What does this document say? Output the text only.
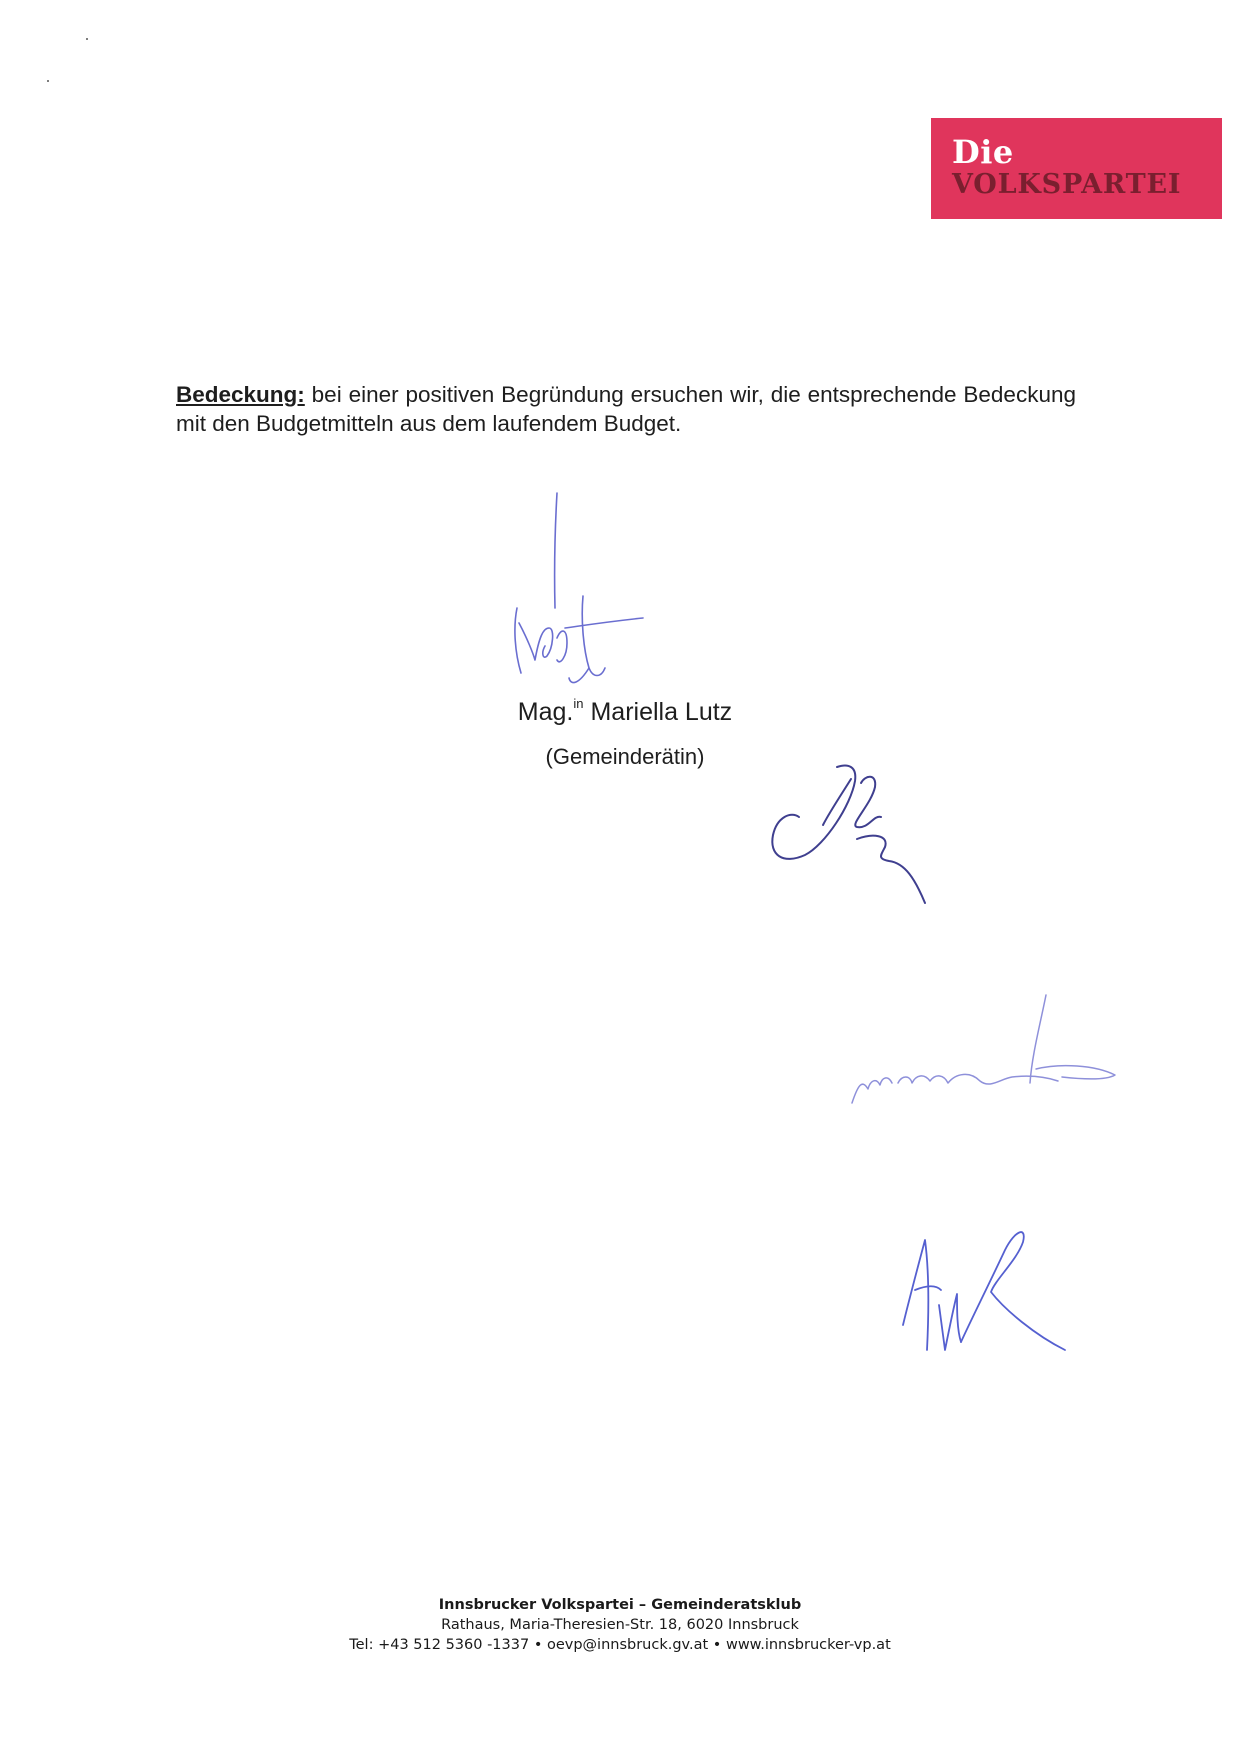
Die
VOLKSPARTEI

Bedeckung: bei einer positiven Begründung ersuchen wir, die entsprechende Bedeckung mit den Budgetmitteln aus dem laufendem Budget.

Mag.$^{in}$ Mariella Lutz
(Gemeinderätin)
Innsbrucker Volkspartei – Gemeinderatsklub
Rathaus, Maria-Theresien-Str. 18, 6020 Innsbruck
Tel: +43 512 5360 -1337 • oevp@innsbruck.gv.at • www.innsbrucker-vp.at
